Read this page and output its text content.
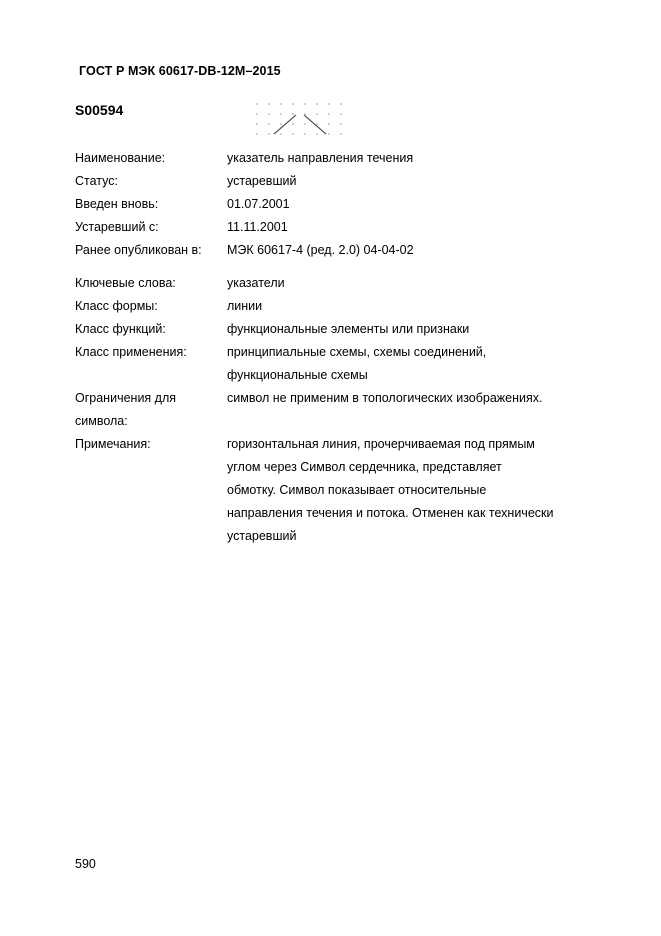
ГОСТ Р МЭК 60617-DB-12M–2015
S00594
Наименование:	указатель направления течения
Статус:	устаревший
Введен вновь:	01.07.2001
Устаревший с:	11.11.2001
Ранее опубликован в:	МЭК 60617-4 (ред. 2.0) 04-04-02
Ключевые слова:	указатели
Класс формы:	линии
Класс функций:	функциональные элементы или признаки
Класс применения:	принципиальные схемы, схемы соединений,
функциональные схемы
Ограничения для	символ не применим в топологических изображениях.
символа:
Примечания:	горизонтальная линия, прочерчиваемая под прямым
углом через Символ сердечника, представляет
обмотку. Символ показывает относительные
направления течения и потока. Отменен как технически
устаревший
590
